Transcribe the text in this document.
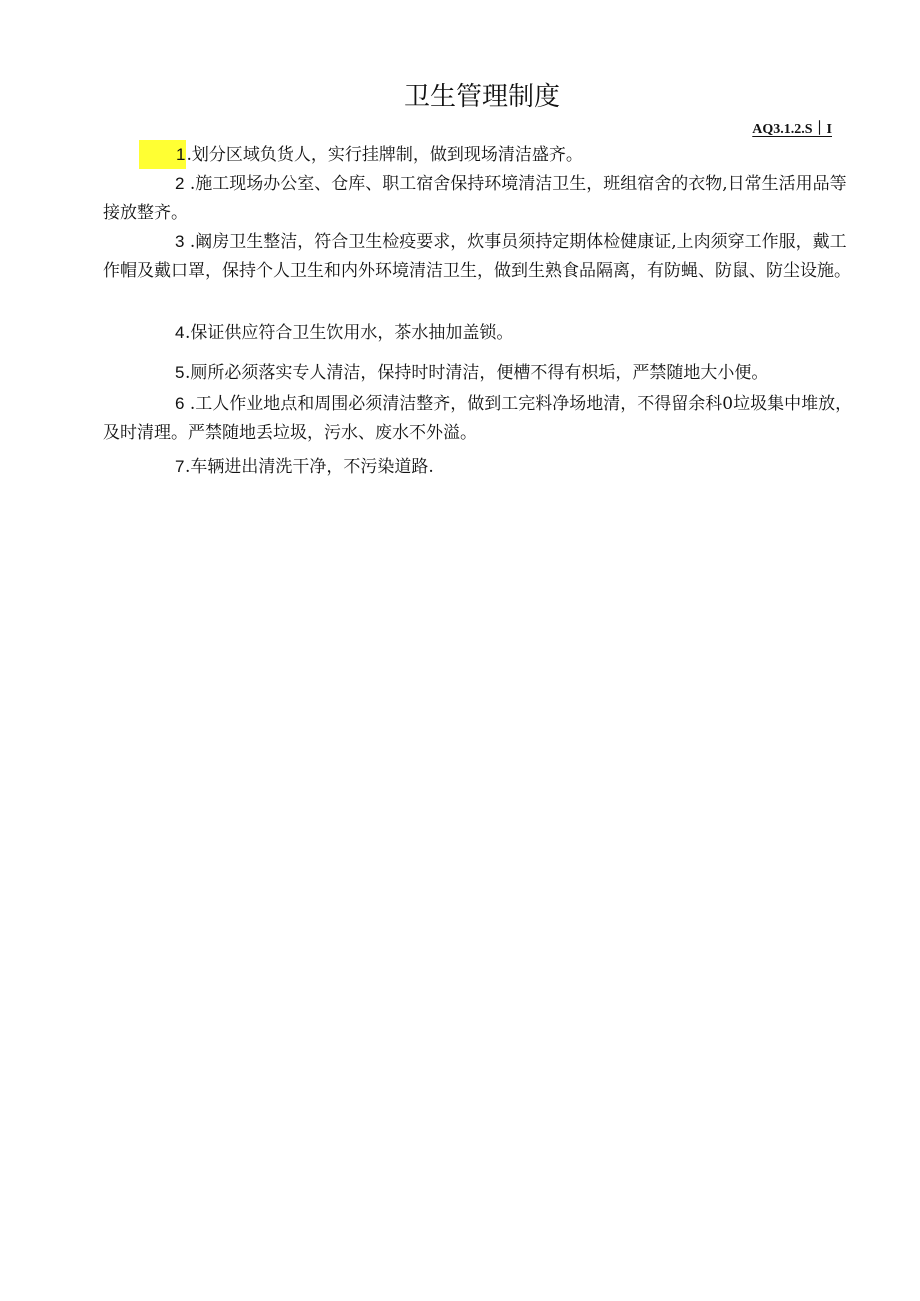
卫生管理制度
AQ3.1.2.S｜I
1.划分区域负货人，实行挂牌制，做到现场清洁盛齐。
2 .施工现场办公室、仓库、职工宿舍保持环境清洁卫生，班组宿舍的衣物,日常生活用品等接放整齐。
3 .阚房卫生整洁，符合卫生检疫要求，炊事员须持定期体检健康证,上肉须穿工作服，戴工作帽及戴口罩，保持个人卫生和内外环境清洁卫生，做到生熟食品隔离，有防蝇、防鼠、防尘设施。
4.保证供应符合卫生饮用水，茶水抽加盖锁。
5.厕所必须落实专人清洁，保持时时清洁，便槽不得有枳垢，严禁随地大小便。
6 .工人作业地点和周围必须清洁整齐，做到工完料净场地清，不得留余科0垃圾集中堆放，及时清理。严禁随地丢垃圾，污水、废水不外溢。
7.车辆进出清洗干净，不污染道路.
